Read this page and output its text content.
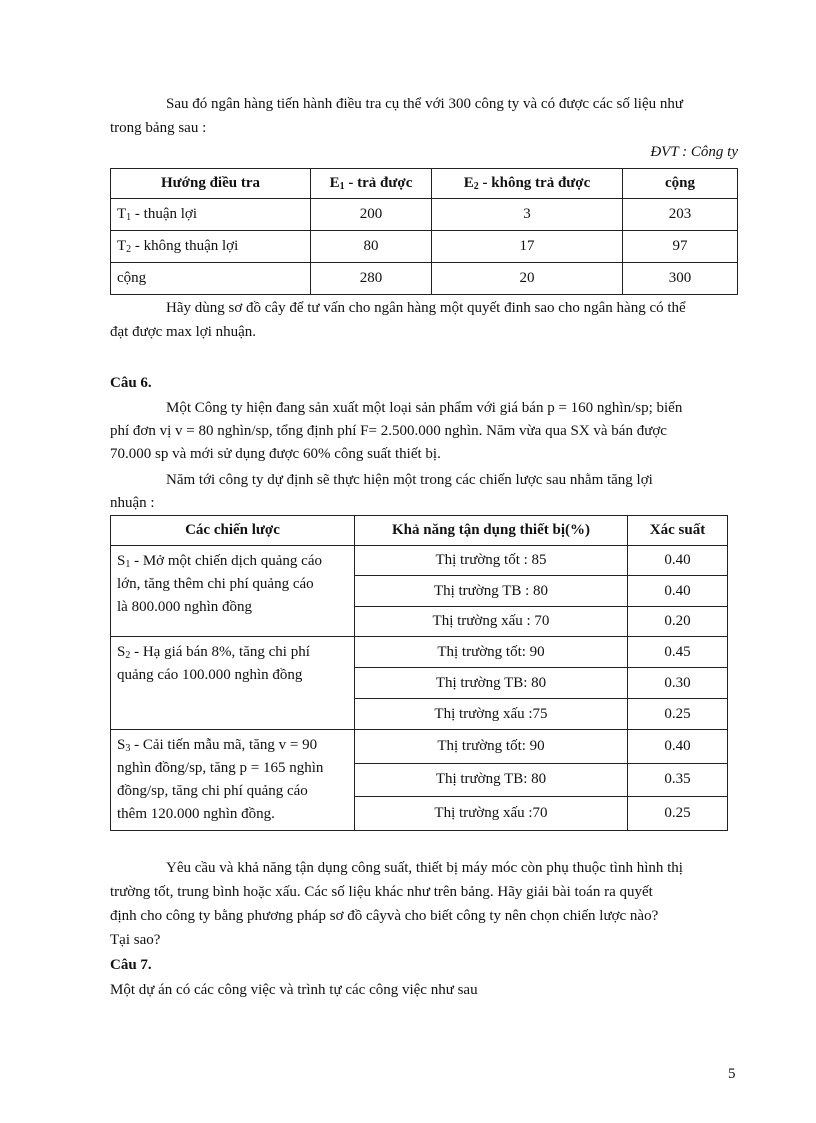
Sau đó ngân hàng tiến hành điều tra cụ thể với 300 công ty và có được các số liệu như
trong bảng sau :
ĐVT : Công ty
Hướng điều tra	$E_1$ - trả được	$E_2$ - không trả được	cộng
$T_1$ - thuận lợi	200	3	203
$T_2$ - không thuận lợi	80	17	97
cộng	280	20	300
Hãy dùng sơ đồ cây để tư vấn cho ngân hàng một quyết đinh sao cho ngân hàng có thể
đạt được max lợi nhuận.
Câu 6.
Một Công ty hiện đang sản xuất một loại sản phẩm với giá bán p = 160 nghìn/sp; biến
phí đơn vị v = 80 nghìn/sp, tổng định phí F= 2.500.000 nghìn. Năm vừa qua SX và bán được
70.000 sp và mới sử dụng được 60% công suất thiết bị.
Năm tới công ty dự định sẽ thực hiện một trong các chiến lược sau nhằm tăng lợi
nhuận :
Các chiến lược	Khả năng tận dụng thiết bị(%)	Xác suất
$S_1$ - Mở một chiến dịch quảng cáo
lớn, tăng thêm chi phí quảng cáo
là 800.000 nghìn đồng	Thị trường tốt : 85	0.40
	Thị trường TB : 80	0.40
	Thị trường xấu : 70	0.20
$S_2$ - Hạ giá bán 8%, tăng chi phí
quảng cáo 100.000 nghìn đồng	Thị trường tốt: 90	0.45
	Thị trường TB: 80	0.30
	Thị trường xấu :75	0.25
$S_3$ - Cải tiến mẫu mã, tăng v = 90
nghìn đồng/sp, tăng p = 165 nghìn
đồng/sp, tăng chi phí quảng cáo
thêm 120.000 nghìn đồng.	Thị trường tốt: 90	0.40
	Thị trường TB: 80	0.35
	Thị trường xấu :70	0.25
Yêu cầu và khả năng tận dụng công suất, thiết bị máy móc còn phụ thuộc tình hình thị
trường tốt, trung bình hoặc xấu. Các số liệu khác như trên bảng. Hãy giải bài toán ra quyết
định cho công ty bằng phương pháp sơ đồ câyvà cho biết công ty nên chọn chiến lược nào?
Tại sao?
Câu 7.
Một dự án có các công việc và trình tự các công việc như sau
5
